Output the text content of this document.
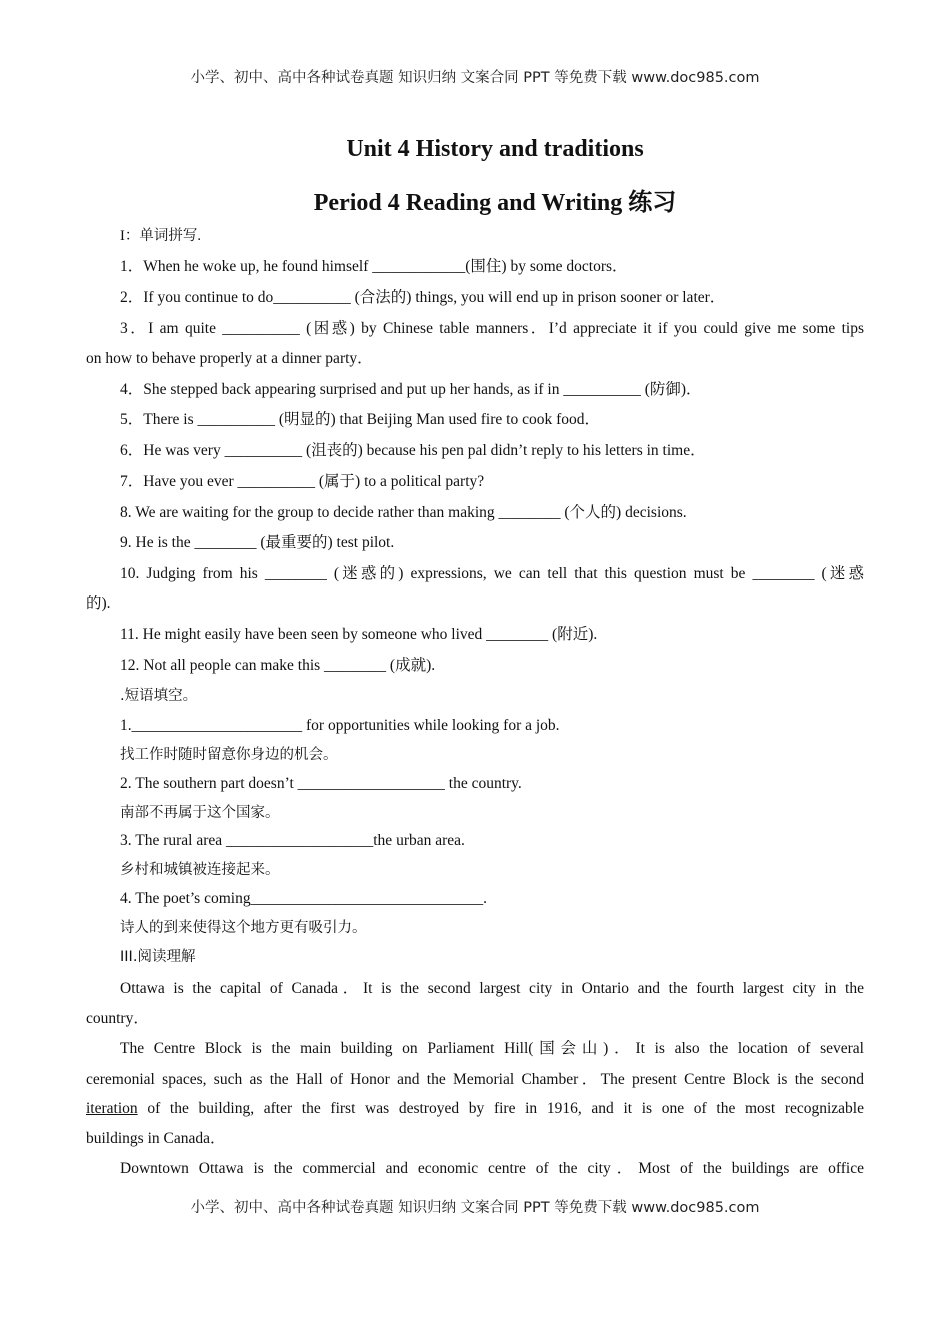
小学、初中、高中各种试卷真题 知识归纳 文案合同 PPT 等免费下载 www.doc985.com
Unit 4 History and traditions
Period 4 Reading and Writing 练习
I：单词拼写.
1．When he woke up, he found himself ____________(围住) by some doctors．
2．If you continue to do__________ (合法的) things, you will end up in prison sooner or later．
3．I am quite __________ (困惑) by Chinese table manners．I’d appreciate it if you could give me some tips
on how to behave properly at a dinner party．
4．She stepped back appearing surprised and put up her hands, as if in __________ (防御)．
5．There is __________ (明显的) that Beijing Man used fire to cook food．
6．He was very __________ (沮丧的) because his pen pal didn’t reply to his letters in time．
7．Have you ever __________ (属于) to a political party?
8. We are waiting for the group to decide rather than making ________ (个人的) decisions.
9. He is the ________ (最重要的) test pilot.
10. Judging from his ________ (迷惑的) expressions, we can tell that this question must be ________ (迷惑
的).
11. He might easily have been seen by someone who lived ________ (附近).
12. Not all people can make this ________ (成就).
.短语填空。
1.______________________ for opportunities while looking for a job.
找工作时随时留意你身边的机会。
2. The southern part doesn’t ___________________ the country.
南部不再属于这个国家。
3. The rural area ___________________the urban area.
乡村和城镇被连接起来。
4. The poet’s coming______________________________.
诗人的到来使得这个地方更有吸引力。
III.阅读理解
Ottawa is the capital of Canada．It is the second largest city in Ontario and the fourth largest city in the
country．
The Centre Block is the main building on Parliament Hill(国会山)．It is also the location of several
ceremonial spaces, such as the Hall of Honor and the Memorial Chamber．The present Centre Block is the second
iteration of the building, after the first was destroyed by fire in 1916, and it is one of the most recognizable
buildings in Canada．
Downtown Ottawa is the commercial and economic centre of the city．Most of the buildings are office
小学、初中、高中各种试卷真题 知识归纳 文案合同 PPT 等免费下载 www.doc985.com
